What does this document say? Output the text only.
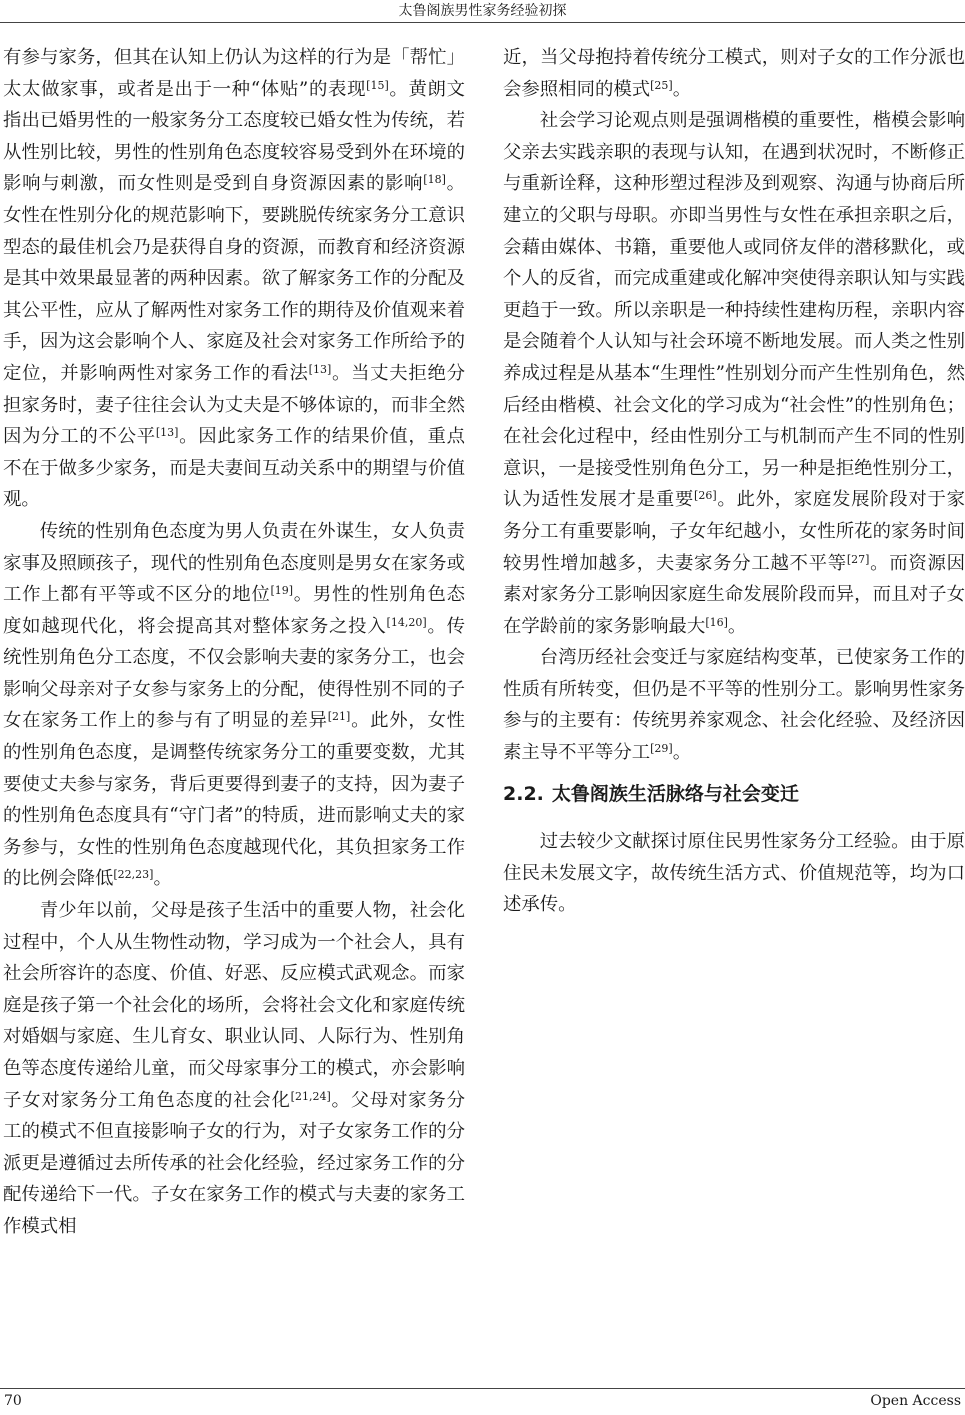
太鲁阁族男性家务经验初探

有参与家务，但其在认知上仍认为这样的行为是「帮忙」太太做家事，或者是出于一种“体贴”的表现[15]。黄朗文指出已婚男性的一般家务分工态度较已婚女性为传统，若从性别比较，男性的性别角色态度较容易受到外在环境的影响与刺激，而女性则是受到自身资源因素的影响[18]。女性在性别分化的规范影响下，要跳脱传统家务分工意识型态的最佳机会乃是获得自身的资源，而教育和经济资源是其中效果最显著的两种因素。欲了解家务工作的分配及其公平性，应从了解两性对家务工作的期待及价值观来着手，因为这会影响个人、家庭及社会对家务工作所给予的定位，并影响两性对家务工作的看法[13]。当丈夫拒绝分担家务时，妻子往往会认为丈夫是不够体谅的，而非全然因为分工的不公平[13]。因此家务工作的结果价值，重点不在于做多少家务，而是夫妻间互动关系中的期望与价值观。

传统的性别角色态度为男人负责在外谋生，女人负责家事及照顾孩子，现代的性别角色态度则是男女在家务或工作上都有平等或不区分的地位[19]。男性的性别角色态度如越现代化，将会提高其对整体家务之投入[14,20]。传统性别角色分工态度，不仅会影响夫妻的家务分工，也会影响父母亲对子女参与家务上的分配，使得性别不同的子女在家务工作上的参与有了明显的差异[21]。此外，女性的性别角色态度，是调整传统家务分工的重要变数，尤其要使丈夫参与家务，背后更要得到妻子的支持，因为妻子的性别角色态度具有“守门者”的特质，进而影响丈夫的家务参与，女性的性别角色态度越现代化，其负担家务工作的比例会降低[22,23]。

青少年以前，父母是孩子生活中的重要人物，社会化过程中，个人从生物性动物，学习成为一个社会人，具有社会所容许的态度、价值、好恶、反应模式武观念。而家庭是孩子第一个社会化的场所，会将社会文化和家庭传统对婚姻与家庭、生儿育女、职业认同、人际行为、性别角色等态度传递给儿童，而父母家事分工的模式，亦会影响子女对家务分工角色态度的社会化[21,24]。父母对家务分工的模式不但直接影响子女的行为，对子女家务工作的分派更是遵循过去所传承的社会化经验，经过家务工作的分配传递给下一代。子女在家务工作的模式与夫妻的家务工作模式相

近，当父母抱持着传统分工模式，则对子女的工作分派也会参照相同的模式[25]。

社会学习论观点则是强调楷模的重要性，楷模会影响父亲去实践亲职的表现与认知，在遇到状况时，不断修正与重新诠释，这种形塑过程涉及到观察、沟通与协商后所建立的父职与母职。亦即当男性与女性在承担亲职之后，会藉由媒体、书籍，重要他人或同侪友伴的潜移默化，或个人的反省，而完成重建或化解冲突使得亲职认知与实践更趋于一致。所以亲职是一种持续性建构历程，亲职内容是会随着个人认知与社会环境不断地发展。而人类之性别养成过程是从基本“生理性”性别划分而产生性别角色，然后经由楷模、社会文化的学习成为“社会性”的性别角色；在社会化过程中，经由性别分工与机制而产生不同的性别意识，一是接受性别角色分工，另一种是拒绝性别分工，认为适性发展才是重要[26]。此外，家庭发展阶段对于家务分工有重要影响，子女年纪越小，女性所花的家务时间较男性增加越多，夫妻家务分工越不平等[27]。而资源因素对家务分工影响因家庭生命发展阶段而异，而且对子女在学龄前的家务影响最大[16]。

台湾历经社会变迁与家庭结构变革，已使家务工作的性质有所转变，但仍是不平等的性别分工。影响男性家务参与的主要有：传统男养家观念、社会化经验、及经济因素主导不平等分工[29]。

2.2. 太鲁阁族生活脉络与社会变迁

过去较少文献探讨原住民男性家务分工经验。由于原住民未发展文字，故传统生活方式、价值规范等，均为口述承传。

70	Open Access
